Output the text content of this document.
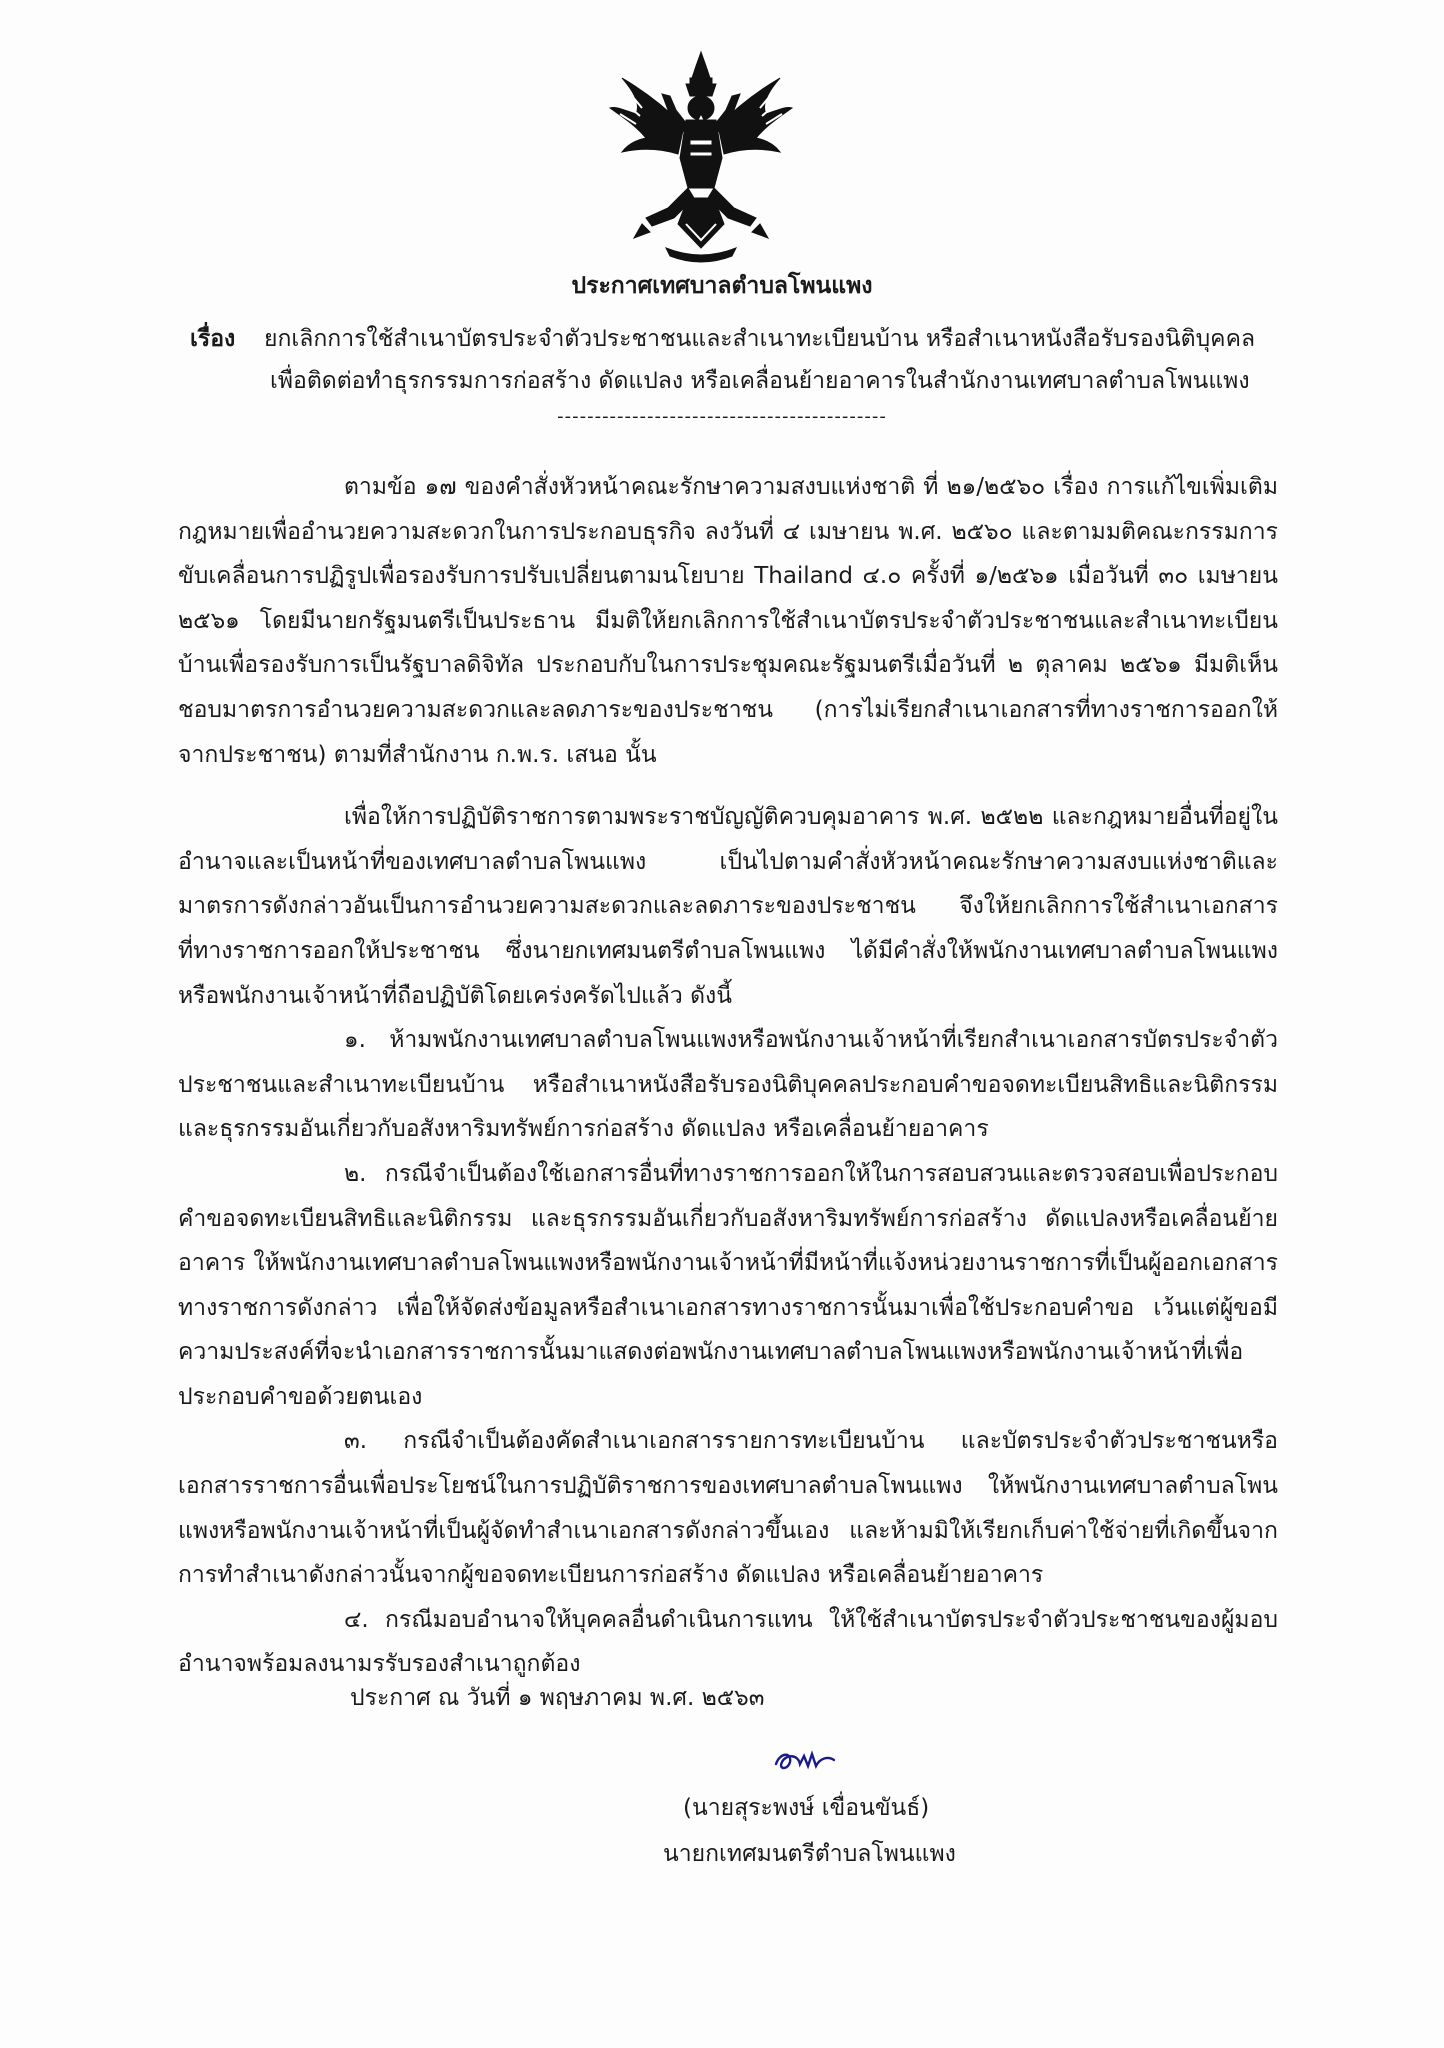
ประกาศเทศบาลตำบลโพนแพง
เรื่อง ยกเลิกการใช้สำเนาบัตรประจำตัวประชาชนและสำเนาทะเบียนบ้าน หรือสำเนาหนังสือรับรองนิติบุคคล
เพื่อติดต่อทำธุรกรรมการก่อสร้าง ดัดแปลง หรือเคลื่อนย้ายอาคารในสำนักงานเทศบาลตำบลโพนแพง
--------------------------------------------

ตามข้อ ๑๗ ของคำสั่งหัวหน้าคณะรักษาความสงบแห่งชาติ ที่ ๒๑/๒๕๖๐ เรื่อง การแก้ไขเพิ่มเติมกฎหมายเพื่ออำนวยความสะดวกในการประกอบธุรกิจ ลงวันที่ ๔ เมษายน พ.ศ. ๒๕๖๐ และตามมติคณะกรรมการขับเคลื่อนการปฏิรูปเพื่อรองรับการปรับเปลี่ยนตามนโยบาย Thailand ๔.๐ ครั้งที่ ๑/๒๕๖๑ เมื่อวันที่ ๓๐ เมษายน ๒๕๖๑ โดยมีนายกรัฐมนตรีเป็นประธาน มีมติให้ยกเลิกการใช้สำเนาบัตรประจำตัวประชาชนและสำเนาทะเบียนบ้านเพื่อรองรับการเป็นรัฐบาลดิจิทัล ประกอบกับในการประชุมคณะรัฐมนตรีเมื่อวันที่ ๒ ตุลาคม ๒๕๖๑ มีมติเห็นชอบมาตรการอำนวยความสะดวกและลดภาระของประชาชน (การไม่เรียกสำเนาเอกสารที่ทางราชการออกให้จากประชาชน) ตามที่สำนักงาน ก.พ.ร. เสนอ นั้น

เพื่อให้การปฏิบัติราชการตามพระราชบัญญัติควบคุมอาคาร พ.ศ. ๒๕๒๒ และกฎหมายอื่นที่อยู่ในอำนาจและเป็นหน้าที่ของเทศบาลตำบลโพนแพง เป็นไปตามคำสั่งหัวหน้าคณะรักษาความสงบแห่งชาติและมาตรการดังกล่าวอันเป็นการอำนวยความสะดวกและลดภาระของประชาชน จึงให้ยกเลิกการใช้สำเนาเอกสารที่ทางราชการออกให้ประชาชน ซึ่งนายกเทศมนตรีตำบลโพนแพง ได้มีคำสั่งให้พนักงานเทศบาลตำบลโพนแพงหรือพนักงานเจ้าหน้าที่ถือปฏิบัติโดยเคร่งครัดไปแล้ว ดังนี้

๑. ห้ามพนักงานเทศบาลตำบลโพนแพงหรือพนักงานเจ้าหน้าที่เรียกสำเนาเอกสารบัตรประจำตัวประชาชนและสำเนาทะเบียนบ้าน หรือสำเนาหนังสือรับรองนิติบุคคลประกอบคำขอจดทะเบียนสิทธิและนิติกรรมและธุรกรรมอันเกี่ยวกับอสังหาริมทรัพย์การก่อสร้าง ดัดแปลง หรือเคลื่อนย้ายอาคาร

๒. กรณีจำเป็นต้องใช้เอกสารอื่นที่ทางราชการออกให้ในการสอบสวนและตรวจสอบเพื่อประกอบคำขอจดทะเบียนสิทธิและนิติกรรม และธุรกรรมอันเกี่ยวกับอสังหาริมทรัพย์การก่อสร้าง ดัดแปลงหรือเคลื่อนย้ายอาคาร ให้พนักงานเทศบาลตำบลโพนแพงหรือพนักงานเจ้าหน้าที่มีหน้าที่แจ้งหน่วยงานราชการที่เป็นผู้ออกเอกสารทางราชการดังกล่าว เพื่อให้จัดส่งข้อมูลหรือสำเนาเอกสารทางราชการนั้นมาเพื่อใช้ประกอบคำขอ เว้นแต่ผู้ขอมีความประสงค์ที่จะนำเอกสารราชการนั้นมาแสดงต่อพนักงานเทศบาลตำบลโพนแพงหรือพนักงานเจ้าหน้าที่เพื่อประกอบคำขอด้วยตนเอง

๓. กรณีจำเป็นต้องคัดสำเนาเอกสารรายการทะเบียนบ้าน และบัตรประจำตัวประชาชนหรือเอกสารราชการอื่นเพื่อประโยชน์ในการปฏิบัติราชการของเทศบาลตำบลโพนแพง ให้พนักงานเทศบาลตำบลโพนแพงหรือพนักงานเจ้าหน้าที่เป็นผู้จัดทำสำเนาเอกสารดังกล่าวขึ้นเอง และห้ามมิให้เรียกเก็บค่าใช้จ่ายที่เกิดขึ้นจากการทำสำเนาดังกล่าวนั้นจากผู้ขอจดทะเบียนการก่อสร้าง ดัดแปลง หรือเคลื่อนย้ายอาคาร

๔. กรณีมอบอำนาจให้บุคคลอื่นดำเนินการแทน ให้ใช้สำเนาบัตรประจำตัวประชาชนของผู้มอบอำนาจพร้อมลงนามรรับรองสำเนาถูกต้อง

ประกาศ ณ วันที่ ๑ พฤษภาคม พ.ศ. ๒๕๖๓
(นายสุระพงษ์ เขื่อนขันธ์)
นายกเทศมนตรีตำบลโพนแพง
